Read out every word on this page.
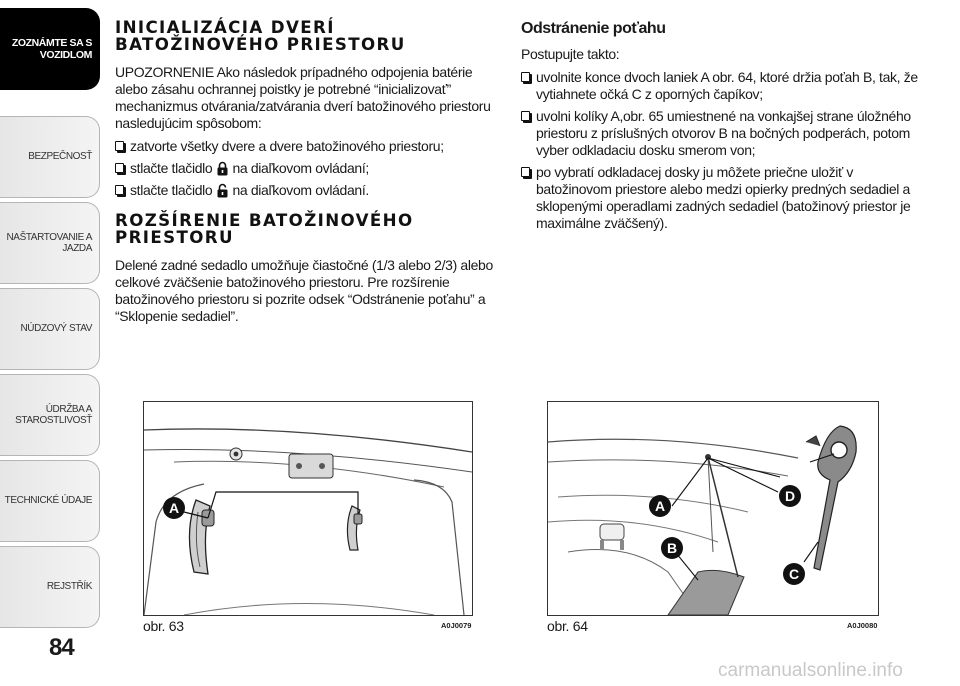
ZOZNÁMTE SA S VOZIDLOM
BEZPEČNOSŤ
NAŠTARTOVANIE A JAZDA
NÚDZOVÝ STAV
ÚDRŽBA A STAROSTLIVOSŤ
TECHNICKÉ ÚDAJE
REJSTŘÍK
84
INICIALIZÁCIA DVERÍ BATOŽINOVÉHO PRIESTORU

UPOZORNENIE Ako následok prípadného odpojenia batérie alebo zásahu ochrannej poistky je potrebné “inicializovať” mechanizmus otvárania/zatvárania dverí batožinového priestoru nasledujúcim spôsobom:

zatvorte všetky dvere a dvere batožinového priestoru;
stlačte tlačidlo na diaľkovom ovládaní;
stlačte tlačidlo na diaľkovom ovládaní.
ROZŠÍRENIE BATOŽINOVÉHO PRIESTORU

Delené zadné sedadlo umožňuje čiastočné (1/3 alebo 2/3) alebo celkové zväčšenie batožinového priestoru. Pre rozšírenie batožinového priestoru si pozrite odsek “Odstránenie poťahu” a “Sklopenie sedadiel”.

Odstránenie poťahu

Postupujte takto:

uvolnite konce dvoch laniek A obr. 64, ktoré držia poťah B, tak, že vytiahnete očká C z oporných čapíkov;
uvolni kolíky A,obr. 65 umiestnené na vonkajšej strane úložného priestoru z príslušných otvorov B na bočných podperách, potom vyber odkladaciu dosku smerom von;
po vybratí odkladacej dosky ju môžete priečne uložiť v batožinovom priestore alebo medzi opierky predných sedadiel a sklopenými operadlami zadných sedadiel (batožinový priestor je maximálne zväčšený).
A
obr. 63	A0J0079
A
B
C
D
obr. 64	A0J0080
carmanualsonline.info
